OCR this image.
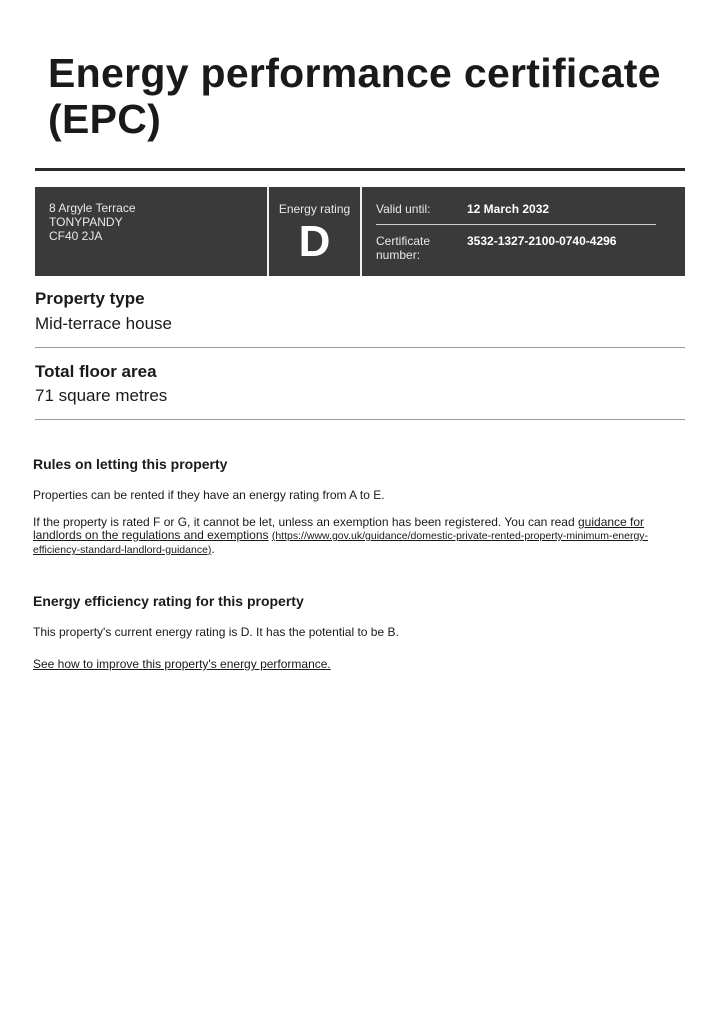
Energy performance certificate
(EPC)
8 Argyle Terrace
TONYPANDY
CF40 2JA
Energy rating
D
Valid until:	12 March 2032
Certificate
number:
3532-1327-2100-0740-4296
Property type
Mid-terrace house
Total floor area
71 square metres
Rules on letting this property
Properties can be rented if they have an energy rating from A to E.
If the property is rated F or G, it cannot be let, unless an exemption has been registered. You can read guidance for landlords on the regulations and exemptions (https://www.gov.uk/guidance/domestic-private-rented-property-minimum-energy-efficiency-standard-landlord-guidance).
Energy efficiency rating for this property
This property's current energy rating is D. It has the potential to be B.
See how to improve this property's energy performance.
